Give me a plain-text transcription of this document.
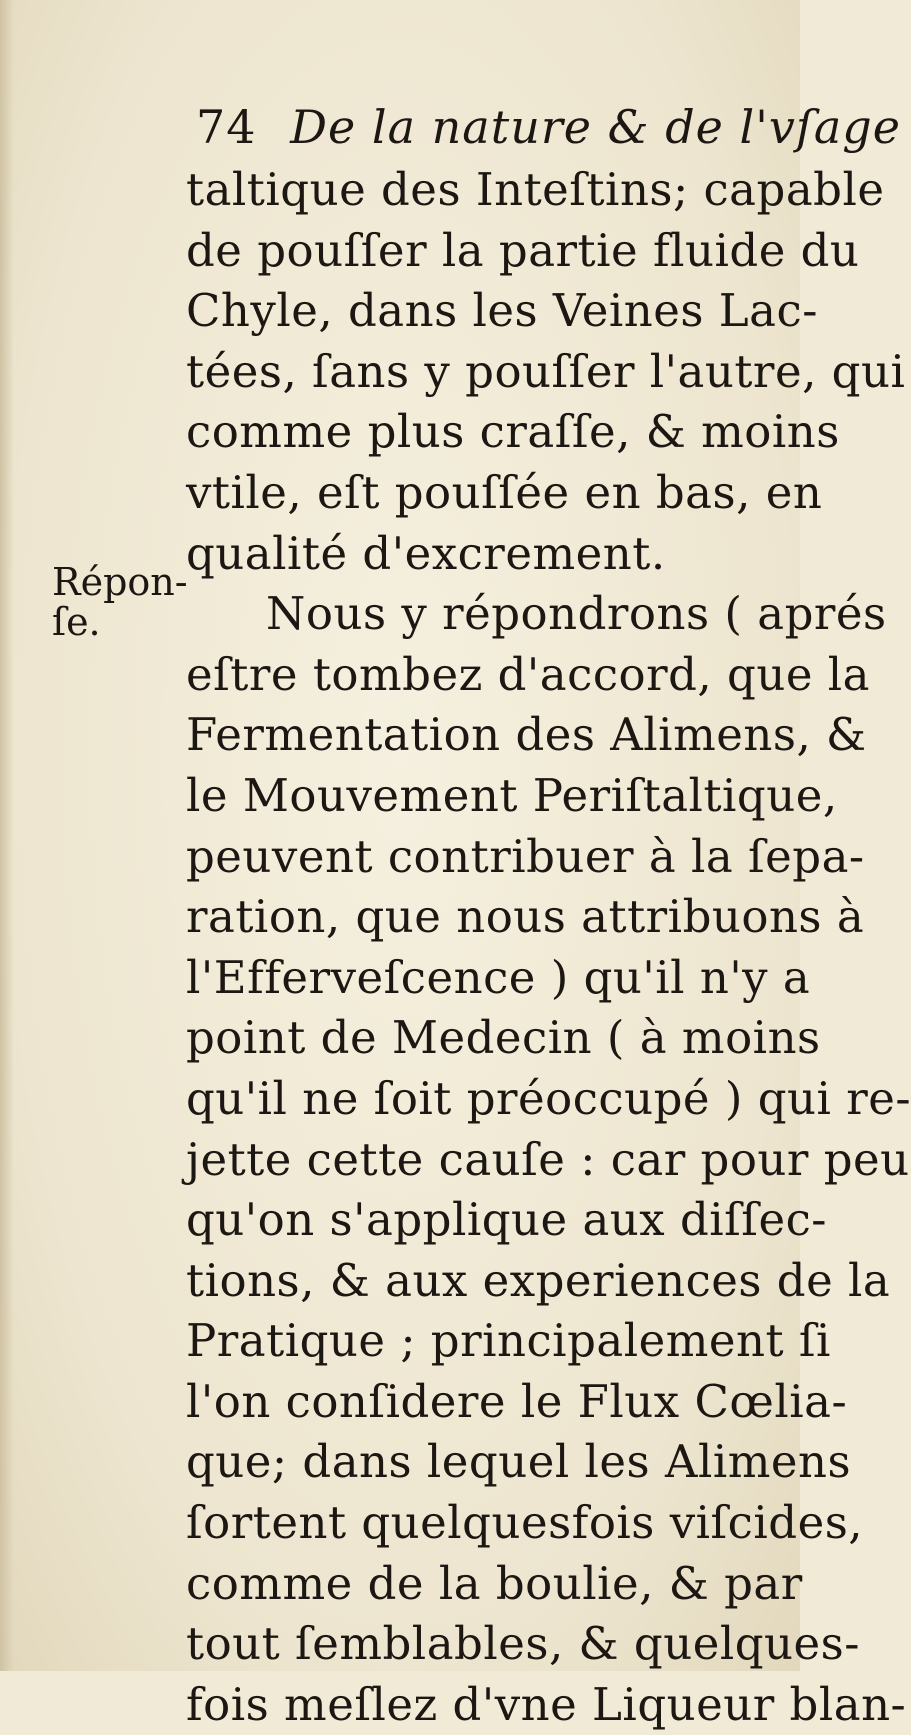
74 De la nature & de l'vſage
Répon-
ſe.
taltique des Inteſtins; capable
de pouſſer la partie fluide du
Chyle, dans les Veines Lac-
tées, ſans y pouſſer l'autre, qui
comme plus craſſe, & moins
vtile, eſt pouſſée en bas, en
qualité d'excrement.
Nous y répondrons ( aprés
eſtre tombez d'accord, que la
Fermentation des Alimens, &
le Mouvement Periſtaltique,
peuvent contribuer à la ſepa-
ration, que nous attribuons à
l'Efferveſcence ) qu'il n'y a
point de Medecin ( à moins
qu'il ne ſoit préoccupé ) qui re-
jette cette cauſe : car pour peu
qu'on s'applique aux diſſec-
tions, & aux experiences de la
Pratique ; principalement ſi
l'on conſidere le Flux Cœlia-
que; dans lequel les Alimens
ſortent quelquesfois viſcides,
comme de la boulie, & par
tout ſemblables, & quelques-
fois meſlez d'vne Liqueur blan-
